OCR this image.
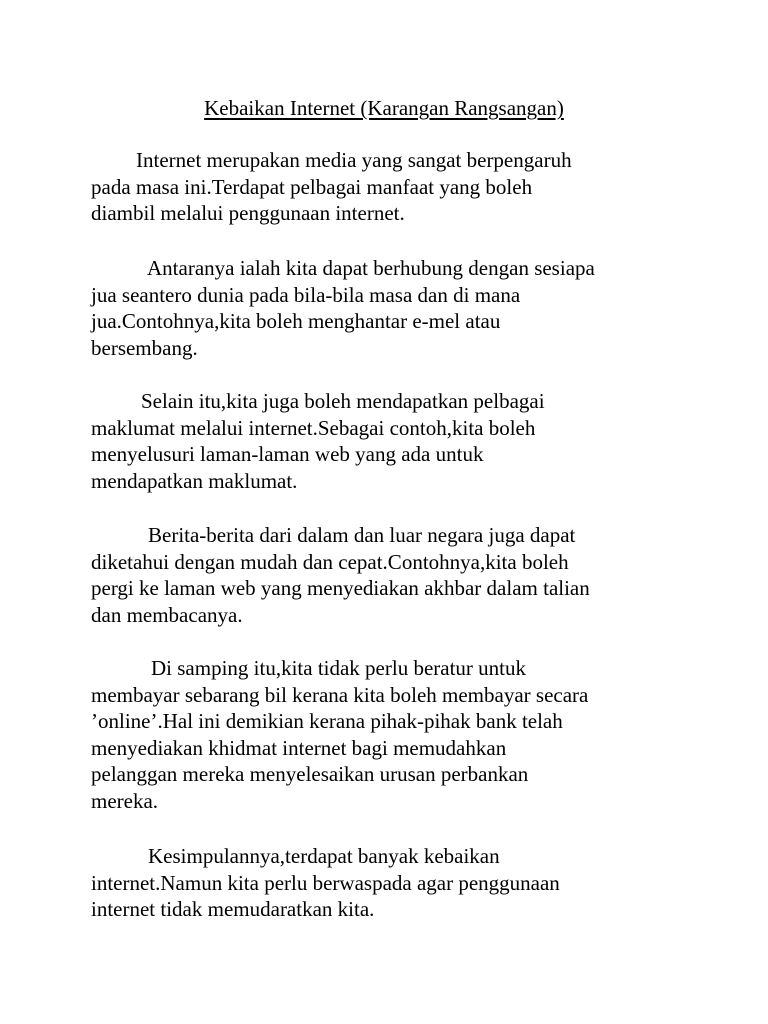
Kebaikan Internet (Karangan Rangsangan)

Internet merupakan media yang sangat berpengaruh
pada masa ini.Terdapat pelbagai manfaat yang boleh
diambil melalui penggunaan internet.

Antaranya ialah kita dapat berhubung dengan sesiapa
jua seantero dunia pada bila-bila masa dan di mana
jua.Contohnya,kita boleh menghantar e-mel atau
bersembang.

Selain itu,kita juga boleh mendapatkan pelbagai
maklumat melalui internet.Sebagai contoh,kita boleh
menyelusuri laman-laman web yang ada untuk
mendapatkan maklumat.

Berita-berita dari dalam dan luar negara juga dapat
diketahui dengan mudah dan cepat.Contohnya,kita boleh
pergi ke laman web yang menyediakan akhbar dalam talian
dan membacanya.

Di samping itu,kita tidak perlu beratur untuk
membayar sebarang bil kerana kita boleh membayar secara
’online’.Hal ini demikian kerana pihak-pihak bank telah
menyediakan khidmat internet bagi memudahkan
pelanggan mereka menyelesaikan urusan perbankan
mereka.

Kesimpulannya,terdapat banyak kebaikan
internet.Namun kita perlu berwaspada agar penggunaan
internet tidak memudaratkan kita.
